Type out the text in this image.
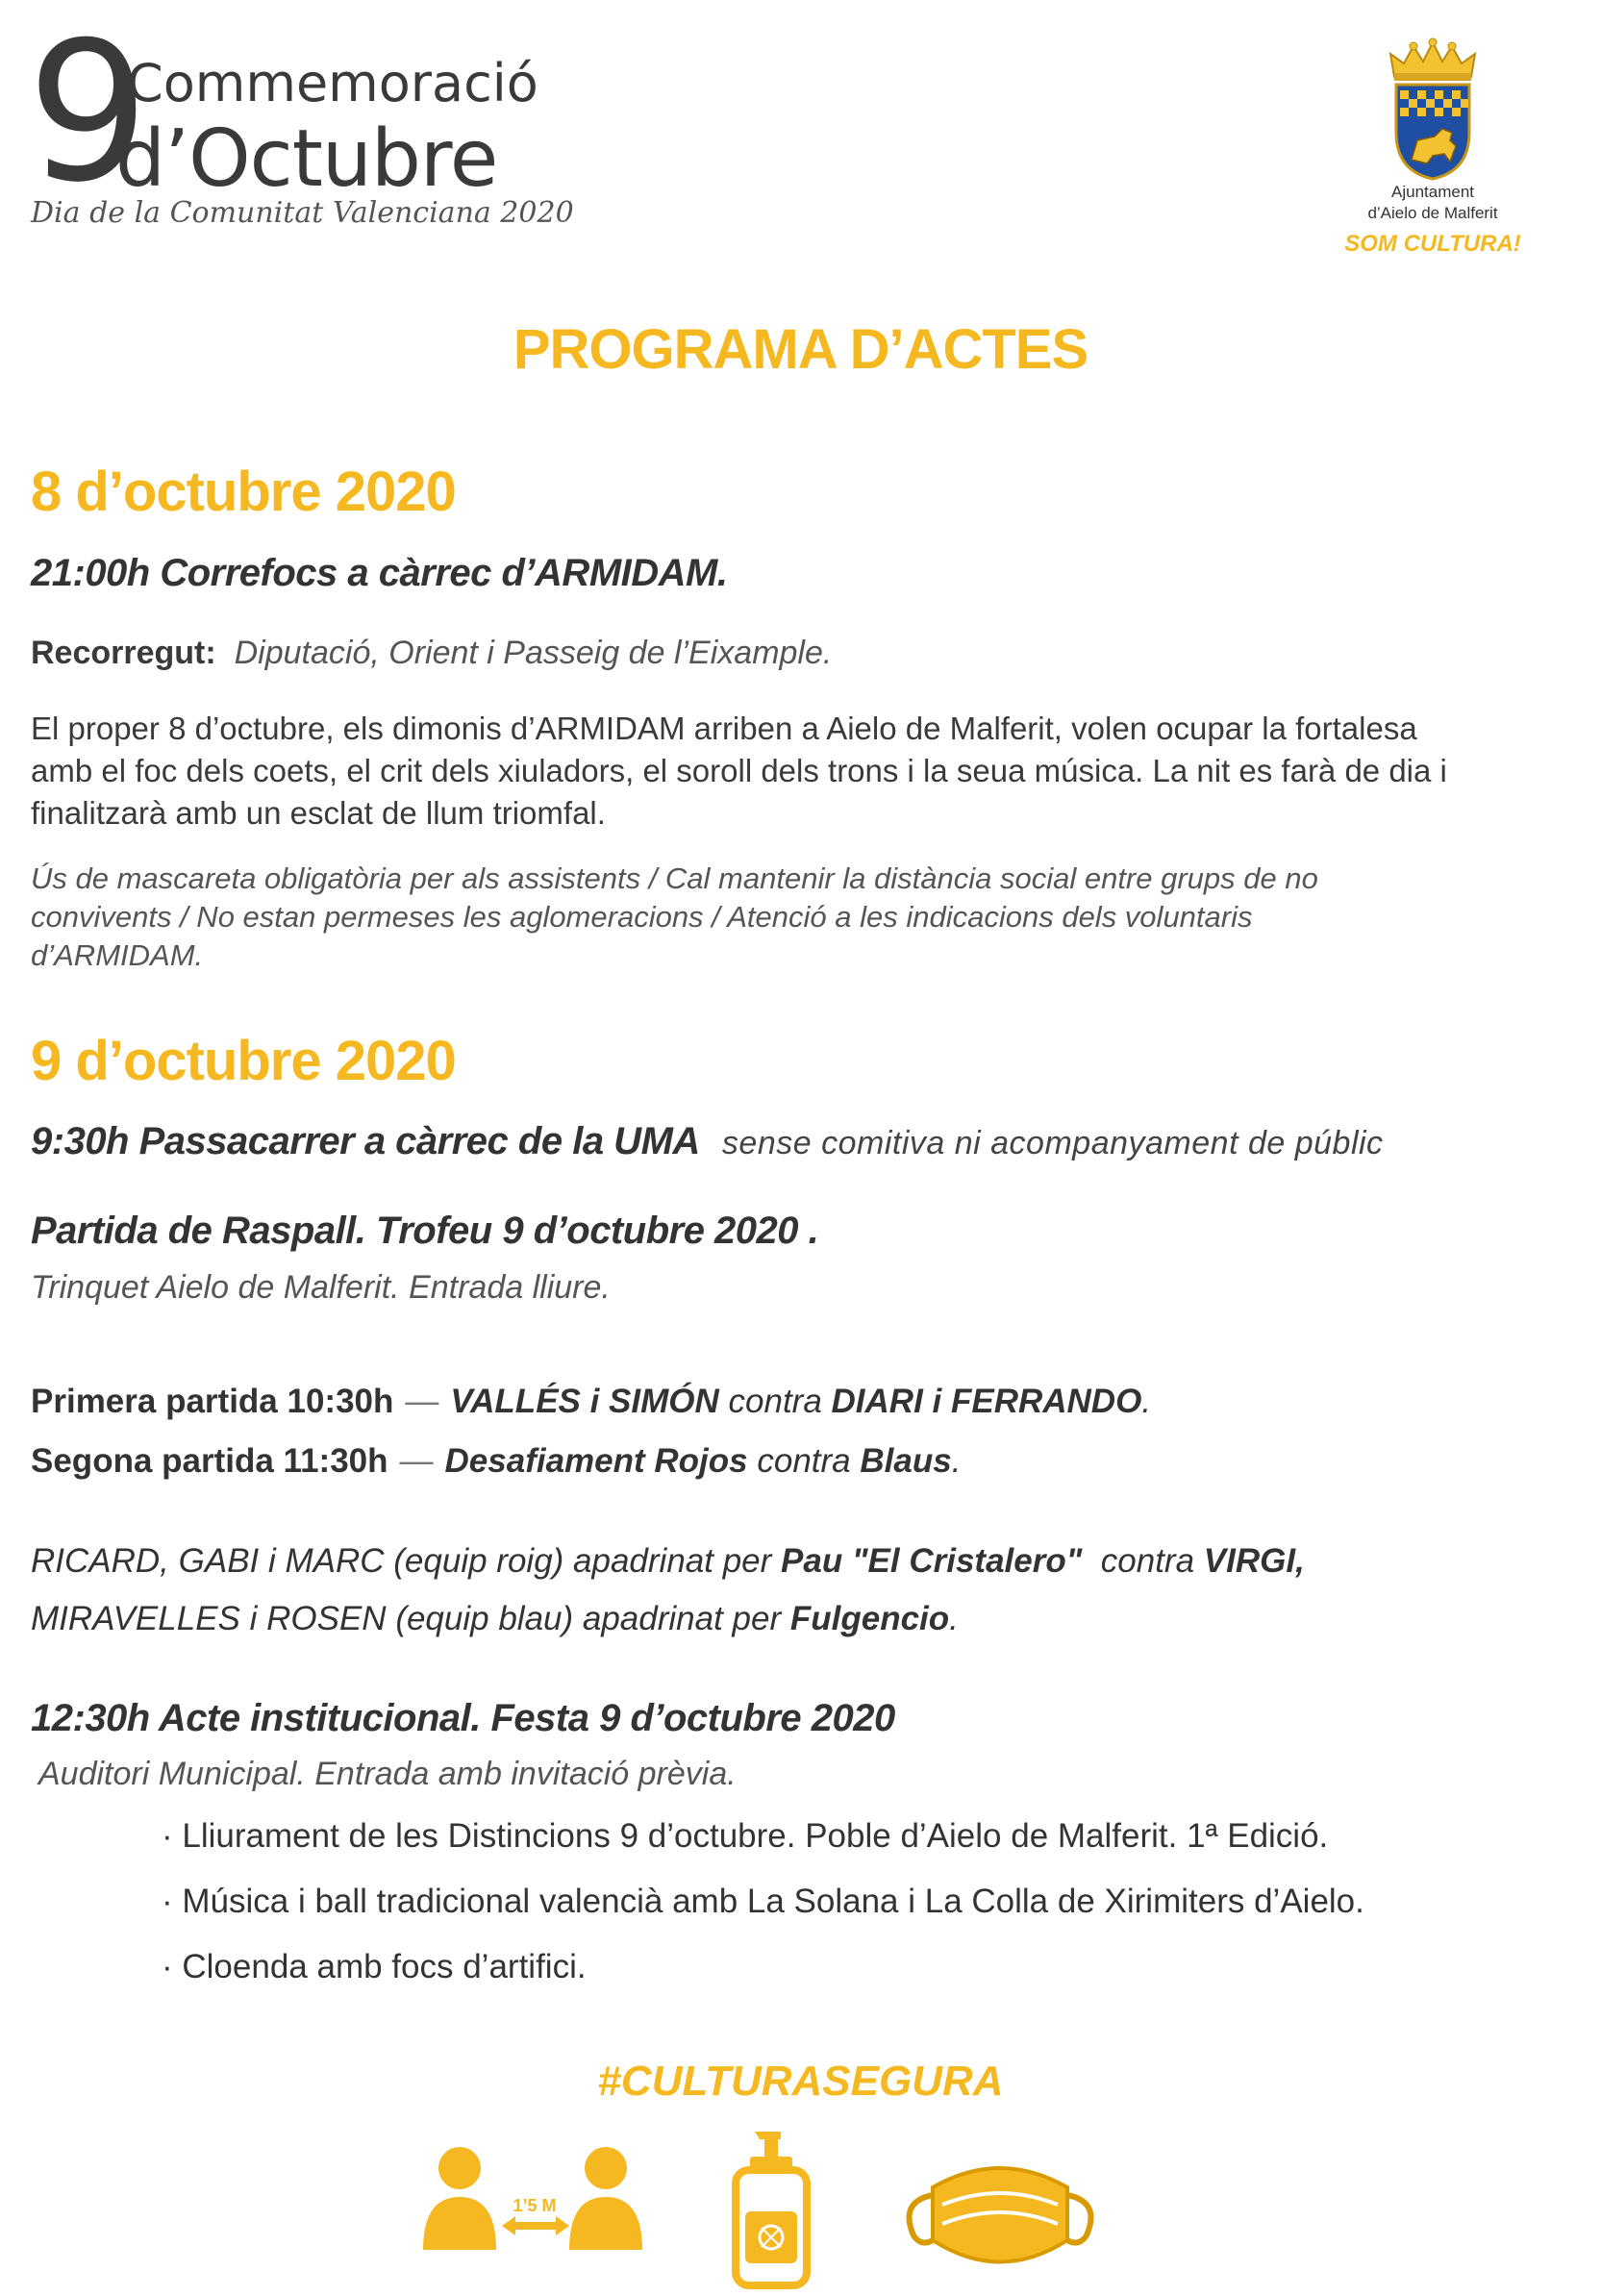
9
Commemoració
d’Octubre
Dia de la Comunitat Valenciana 2020
Ajuntament
d’Aielo de Malferit
SOM CULTURA!
PROGRAMA D’ACTES
8 d’octubre 2020
21:00h Correfocs a càrrec d’ARMIDAM.
Recorregut: Diputació, Orient i Passeig de l’Eixample.
El proper 8 d’octubre, els dimonis d’ARMIDAM arriben a Aielo de Malferit, volen ocupar la fortalesa
amb el foc dels coets, el crit dels xiuladors, el soroll dels trons i la seua música. La nit es farà de dia i
finalitzarà amb un esclat de llum triomfal.
Ús de mascareta obligatòria per als assistents / Cal mantenir la distància social entre grups de no
convivents / No estan permeses les aglomeracions / Atenció a les indicacions dels voluntaris
d’ARMIDAM.
9 d’octubre 2020
9:30h Passacarrer a càrrec de la UMA sense comitiva ni acompanyament de públic
Partida de Raspall. Trofeu 9 d’octubre 2020 .
Trinquet Aielo de Malferit. Entrada lliure.
Primera partida 10:30h — VALLÉS i SIMÓN contra DIARI i FERRANDO.
Segona partida 11:30h — Desafiament Rojos contra Blaus.
RICARD, GABI i MARC (equip roig) apadrinat per Pau "El Cristalero" contra VIRGI,
MIRAVELLES i ROSEN (equip blau) apadrinat per Fulgencio.
12:30h Acte institucional. Festa 9 d’octubre 2020
Auditori Municipal. Entrada amb invitació prèvia.
· Lliurament de les Distincions 9 d’octubre. Poble d’Aielo de Malferit. 1ª Edició.
· Música i ball tradicional valencià amb La Solana i La Colla de Xirimiters d’Aielo.
· Cloenda amb focs d’artifici.
#CULTURASEGURA
1’5 M
